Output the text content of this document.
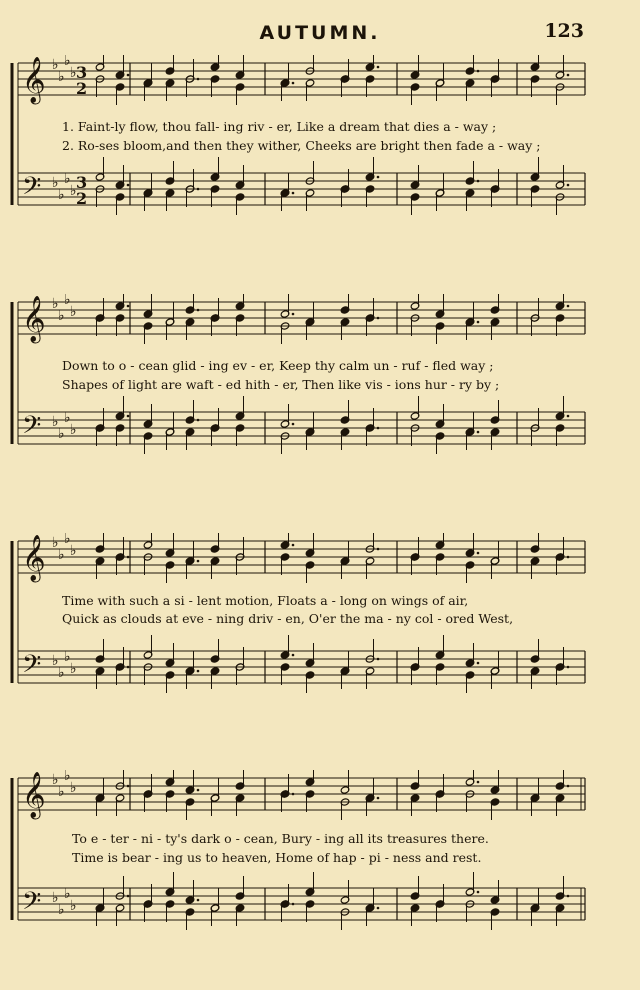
AUTUMN.	123
𝄞 ♭
♭
♭
♭ 3
2
𝄢 ♭
♭
♭
♭ 3
2
1. Faint-ly flow, thou fall- ing riv - er, Like a dream that dies a - way ;
2. Ro-ses bloom,and then they wither, Cheeks are bright then fade a - way ;
𝄞 ♭
♭
♭
♭
𝄢 ♭
♭
♭
♭
Down to o - cean glid - ing ev - er, Keep thy calm un - ruf - fled way ;
Shapes of light are waft - ed hith - er, Then like vis - ions hur - ry by ;
𝄞 ♭
♭
♭
♭
𝄢 ♭
♭
♭
♭
Time with such a si - lent motion, Floats a - long on wings of air,
Quick as clouds at eve - ning driv - en, O'er the ma - ny col - ored West,
𝄞 ♭
♭
♭
♭
𝄢 ♭
♭
♭
♭
To e - ter - ni - ty's dark o - cean, Bury - ing all its treasures there.
Time is bear - ing us to heaven, Home of hap - pi - ness and rest.
